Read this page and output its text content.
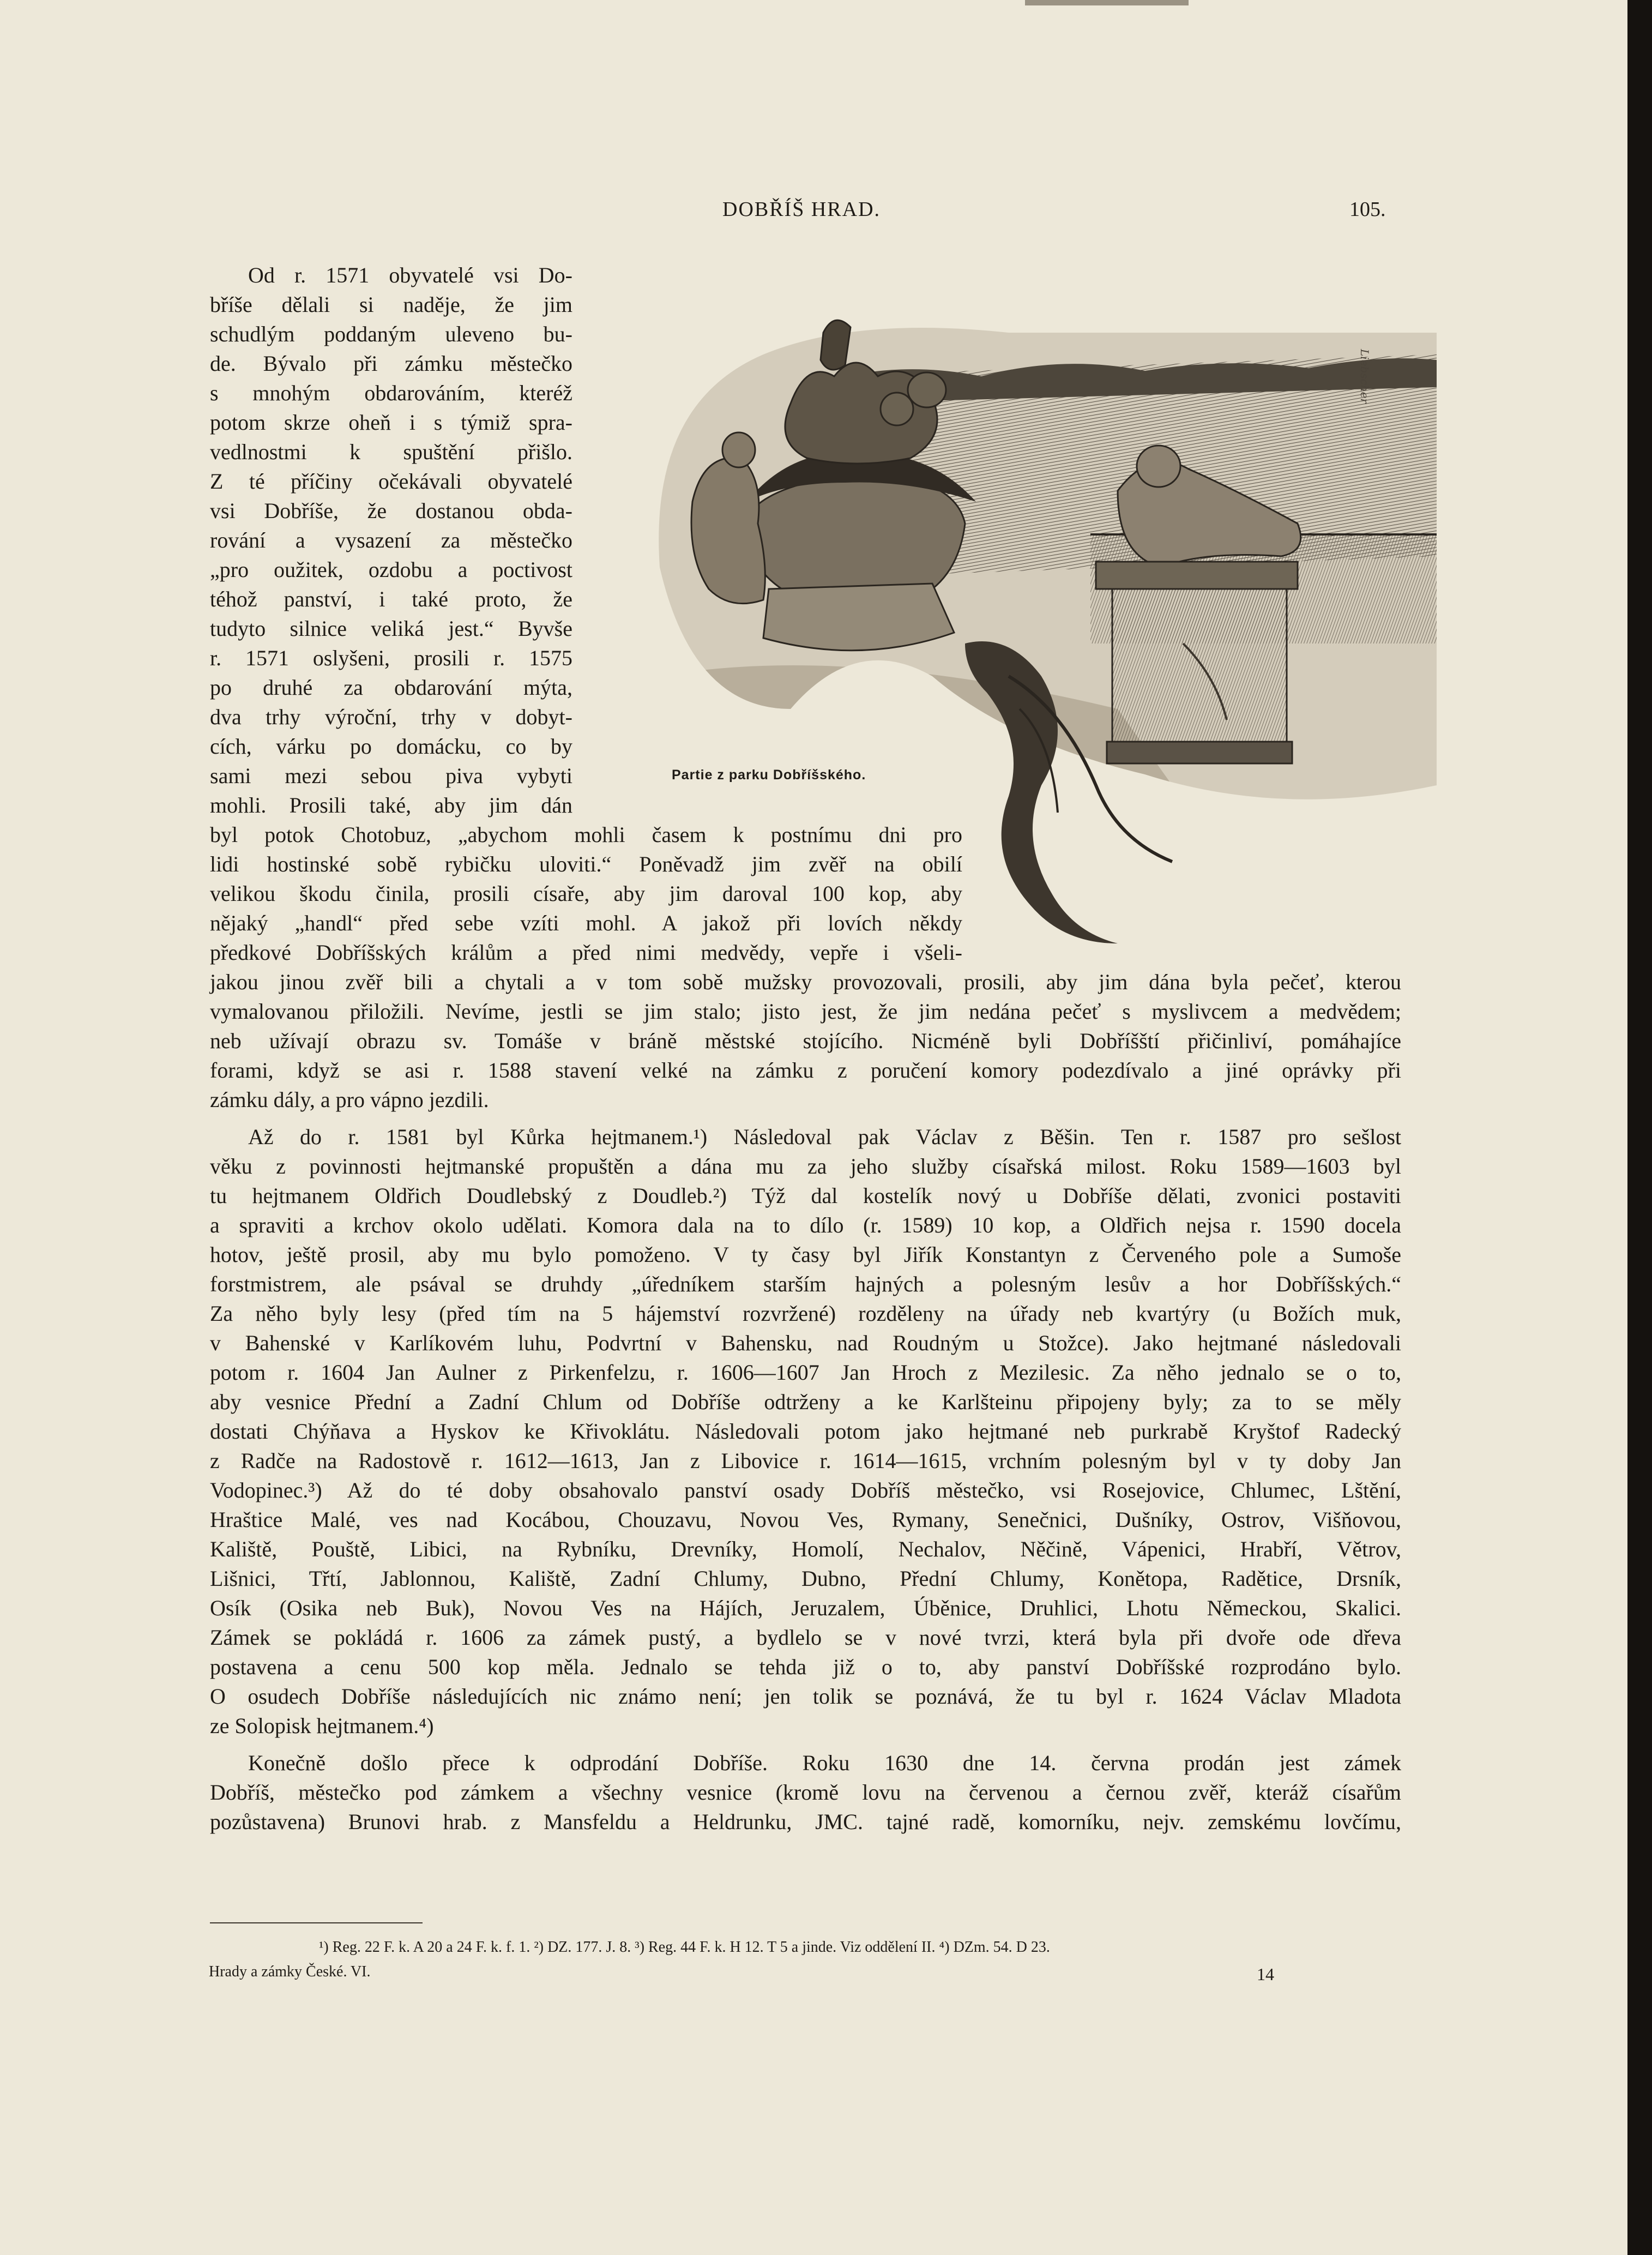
DOBŘÍŠ HRAD.	105.
Liebscher
Partie z parku Dobříšského.
Od r. 1571 obyvatelé vsi Do-
bříše dělali si naděje, že jim
schudlým poddaným uleveno bu-
de. Bývalo při zámku městečko
s mnohým obdarováním, kteréž
potom skrze oheň i s týmiž spra-
vedlnostmi k spuštění přišlo.
Z té příčiny očekávali obyvatelé
vsi Dobříše, že dostanou obda-
rování a vysazení za městečko
„pro oužitek, ozdobu a poctivost
téhož panství, i také proto, že
tudyto silnice veliká jest.“ Byvše
r. 1571 oslyšeni, prosili r. 1575
po druhé za obdarování mýta,
dva trhy výroční, trhy v dobyt-
cích, várku po domácku, co by
sami mezi sebou piva vybyti
mohli. Prosili také, aby jim dán
byl potok Chotobuz, „abychom mohli časem k postnímu dni pro
lidi hostinské sobě rybičku uloviti.“ Poněvadž jim zvěř na obilí
velikou škodu činila, prosili císaře, aby jim daroval 100 kop, aby
nějaký „handl“ před sebe vzíti mohl. A jakož při lovích někdy
předkové Dobříšských králům a před nimi medvědy, vepře i všeli-
jakou jinou zvěř bili a chytali a v tom sobě mužsky provozovali, prosili, aby jim dána byla pečeť, kterou
vymalovanou přiložili. Nevíme, jestli se jim stalo; jisto jest, že jim nedána pečeť s myslivcem a medvědem;
neb užívají obrazu sv. Tomáše v bráně městské stojícího. Nicméně byli Dobříšští přičinliví, pomáhajíce
forami, když se asi r. 1588 stavení velké na zámku z poručení komory podezdívalo a jiné oprávky při
zámku dály, a pro vápno jezdili.
Až do r. 1581 byl Kůrka hejtmanem.¹) Následoval pak Václav z Běšin. Ten r. 1587 pro sešlost
věku z povinnosti hejtmanské propuštěn a dána mu za jeho služby císařská milost. Roku 1589—1603 byl
tu hejtmanem Oldřich Doudlebský z Doudleb.²) Týž dal kostelík nový u Dobříše dělati, zvonici postaviti
a spraviti a krchov okolo udělati. Komora dala na to dílo (r. 1589) 10 kop, a Oldřich nejsa r. 1590 docela
hotov, ještě prosil, aby mu bylo pomoženo. V ty časy byl Jiřík Konstantyn z Červeného pole a Sumoše
forstmistrem, ale psával se druhdy „úředníkem starším hajných a polesným lesův a hor Dobříšských.“
Za něho byly lesy (před tím na 5 hájemství rozvržené) rozděleny na úřady neb kvartýry (u Božích muk,
v Bahenské v Karlíkovém luhu, Podvrtní v Bahensku, nad Roudným u Stožce). Jako hejtmané následovali
potom r. 1604 Jan Aulner z Pirkenfelzu, r. 1606—1607 Jan Hroch z Mezilesic. Za něho jednalo se o to,
aby vesnice Přední a Zadní Chlum od Dobříše odtrženy a ke Karlšteinu připojeny byly; za to se měly
dostati Chýňava a Hyskov ke Křivoklátu. Následovali potom jako hejtmané neb purkrabě Kryštof Radecký
z Radče na Radostově r. 1612—1613, Jan z Libovice r. 1614—1615, vrchním polesným byl v ty doby Jan
Vodopinec.³) Až do té doby obsahovalo panství osady Dobříš městečko, vsi Rosejovice, Chlumec, Lštění,
Hraštice Malé, ves nad Kocábou, Chouzavu, Novou Ves, Rymany, Senečnici, Dušníky, Ostrov, Višňovou,
Kaliště, Pouště, Libici, na Rybníku, Drevníky, Homolí, Nechalov, Něčině, Vápenici, Hrabří, Větrov,
Lišnici, Třtí, Jablonnou, Kaliště, Zadní Chlumy, Dubno, Přední Chlumy, Konětopa, Radětice, Drsník,
Osík (Osika neb Buk), Novou Ves na Hájích, Jeruzalem, Úběnice, Druhlici, Lhotu Německou, Skalici.
Zámek se pokládá r. 1606 za zámek pustý, a bydlelo se v nové tvrzi, která byla při dvoře ode dřeva
postavena a cenu 500 kop měla. Jednalo se tehda již o to, aby panství Dobříšské rozprodáno bylo.
O osudech Dobříše následujících nic známo není; jen tolik se poznává, že tu byl r. 1624 Václav Mladota
ze Solopisk hejtmanem.⁴)
Konečně došlo přece k odprodání Dobříše. Roku 1630 dne 14. června prodán jest zámek
Dobříš, městečko pod zámkem a všechny vesnice (kromě lovu na červenou a černou zvěř, kteráž císařům
pozůstavena) Brunovi hrab. z Mansfeldu a Heldrunku, JMC. tajné radě, komorníku, nejv. zemskému lovčímu,
¹) Reg. 22 F. k. A 20 a 24 F. k. f. 1. ²) DZ. 177. J. 8. ³) Reg. 44 F. k. H 12. T 5 a jinde. Viz oddělení II. ⁴) DZm. 54. D 23.
Hrady a zámky České. VI.	14
